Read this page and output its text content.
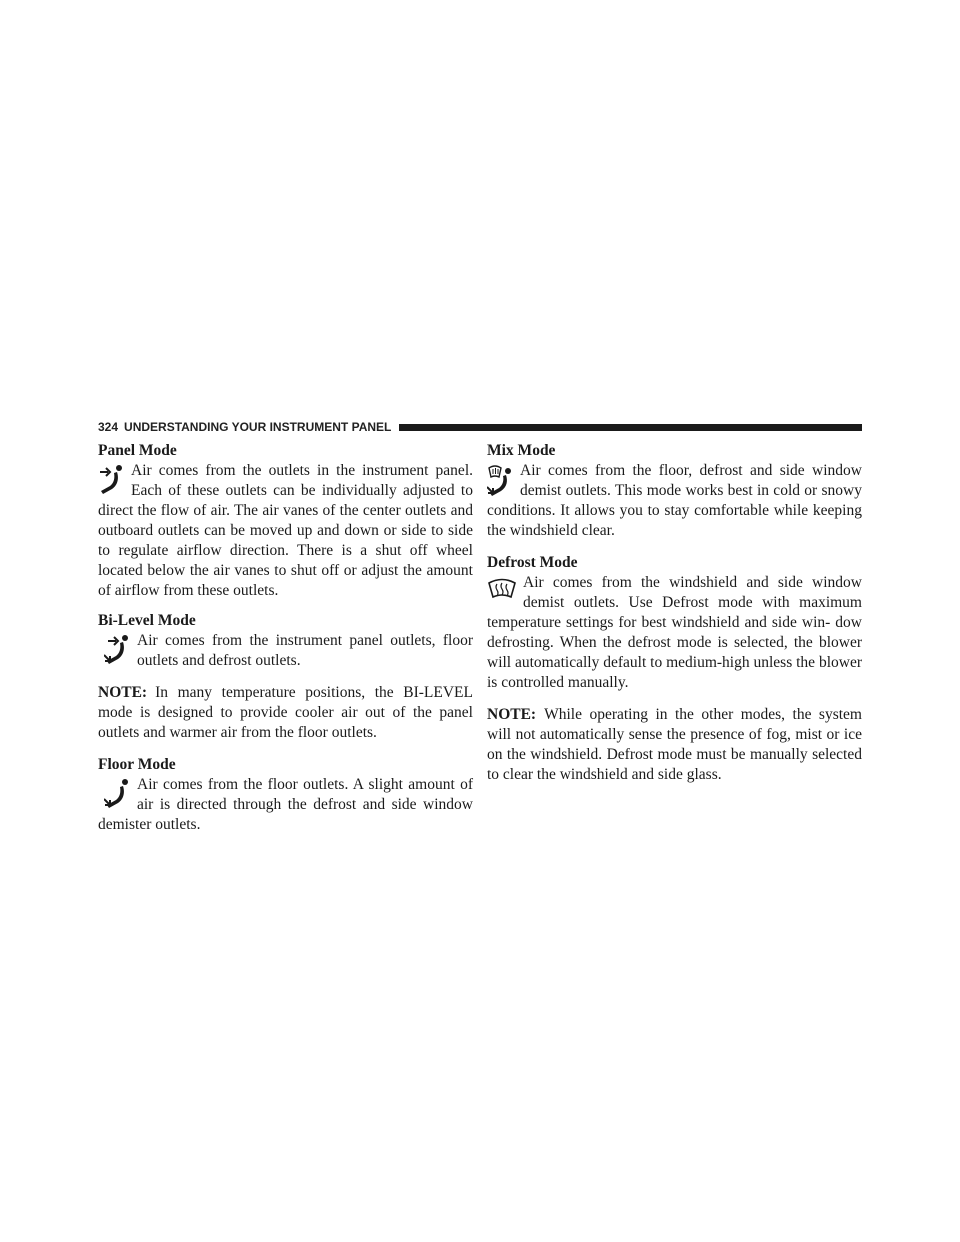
324 UNDERSTANDING YOUR INSTRUMENT PANEL
Panel Mode

Air comes from the outlets in the instrument panel. Each of these outlets can be individually adjusted to direct the flow of air. The air vanes of the center outlets and outboard outlets can be moved up and down or side to side to regulate airflow direction. There is a shut off wheel located below the air vanes to shut off or adjust the amount of airflow from these outlets.

Bi-Level Mode

Air comes from the instrument panel outlets, floor outlets and defrost outlets.

NOTE: In many temperature positions, the BI-LEVEL mode is designed to provide cooler air out of the panel outlets and warmer air from the floor outlets.

Floor Mode

Air comes from the floor outlets. A slight amount of air is directed through the defrost and side window demister outlets.

Mix Mode

Air comes from the floor, defrost and side window demist outlets. This mode works best in cold or snowy conditions. It allows you to stay comfortable while keeping the windshield clear.

Defrost Mode

Air comes from the windshield and side window demist outlets. Use Defrost mode with maximum temperature settings for best windshield and side win- dow defrosting. When the defrost mode is selected, the blower will automatically default to medium-high unless the blower is controlled manually.

NOTE: While operating in the other modes, the system will not automatically sense the presence of fog, mist or ice on the windshield. Defrost mode must be manually selected to clear the windshield and side glass.
